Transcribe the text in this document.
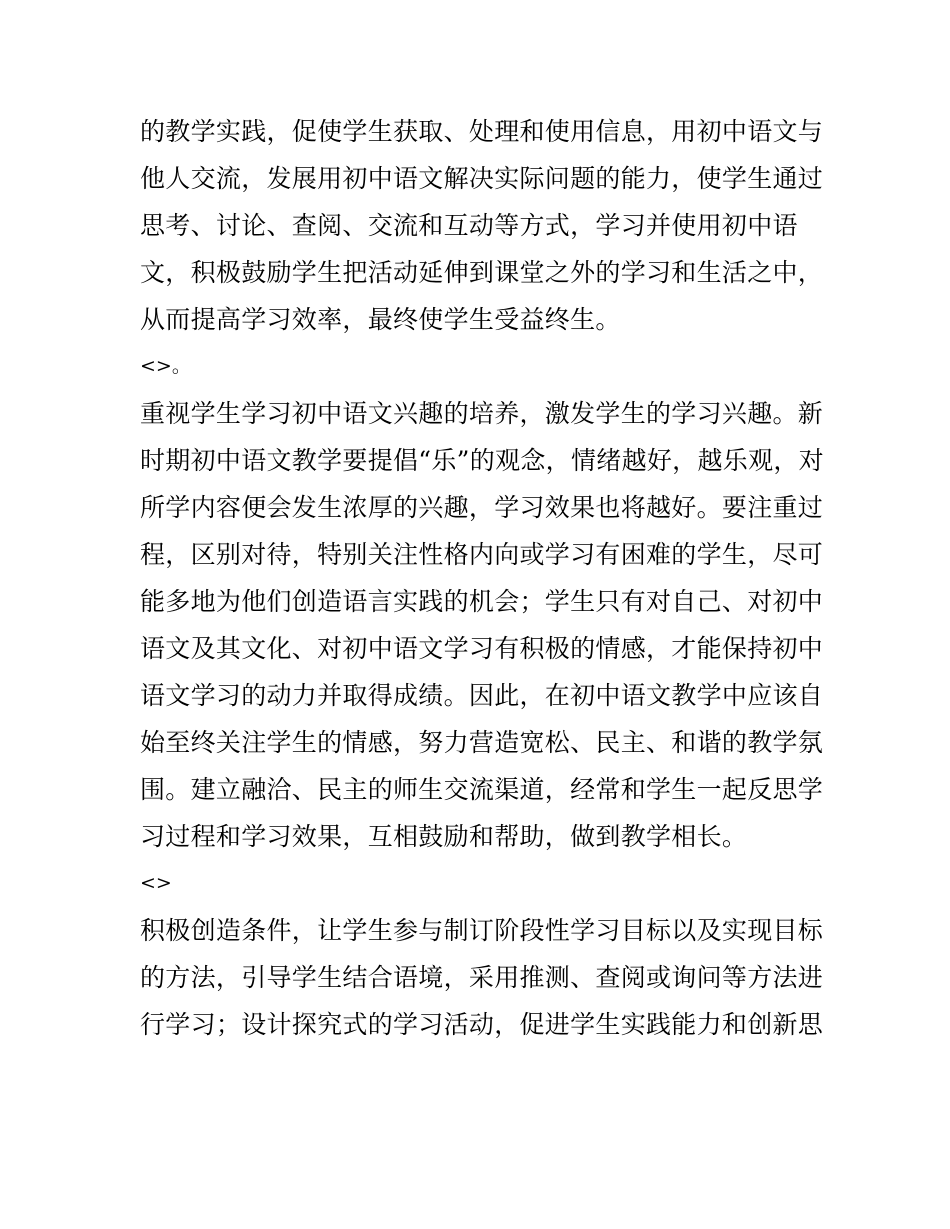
的教学实践，促使学生获取、处理和使用信息，用初中语文与
他人交流，发展用初中语文解决实际问题的能力，使学生通过
思考、讨论、查阅、交流和互动等方式，学习并使用初中语
文，积极鼓励学生把活动延伸到课堂之外的学习和生活之中，
从而提高学习效率，最终使学生受益终生。
<>。
重视学生学习初中语文兴趣的培养，激发学生的学习兴趣。新
时期初中语文教学要提倡“乐”的观念，情绪越好，越乐观，对
所学内容便会发生浓厚的兴趣，学习效果也将越好。要注重过
程，区别对待，特别关注性格内向或学习有困难的学生，尽可
能多地为他们创造语言实践的机会；学生只有对自己、对初中
语文及其文化、对初中语文学习有积极的情感，才能保持初中
语文学习的动力并取得成绩。因此，在初中语文教学中应该自
始至终关注学生的情感，努力营造宽松、民主、和谐的教学氛
围。建立融洽、民主的师生交流渠道，经常和学生一起反思学
习过程和学习效果，互相鼓励和帮助，做到教学相长。
<>
积极创造条件，让学生参与制订阶段性学习目标以及实现目标
的方法，引导学生结合语境，采用推测、查阅或询问等方法进
行学习；设计探究式的学习活动，促进学生实践能力和创新思
